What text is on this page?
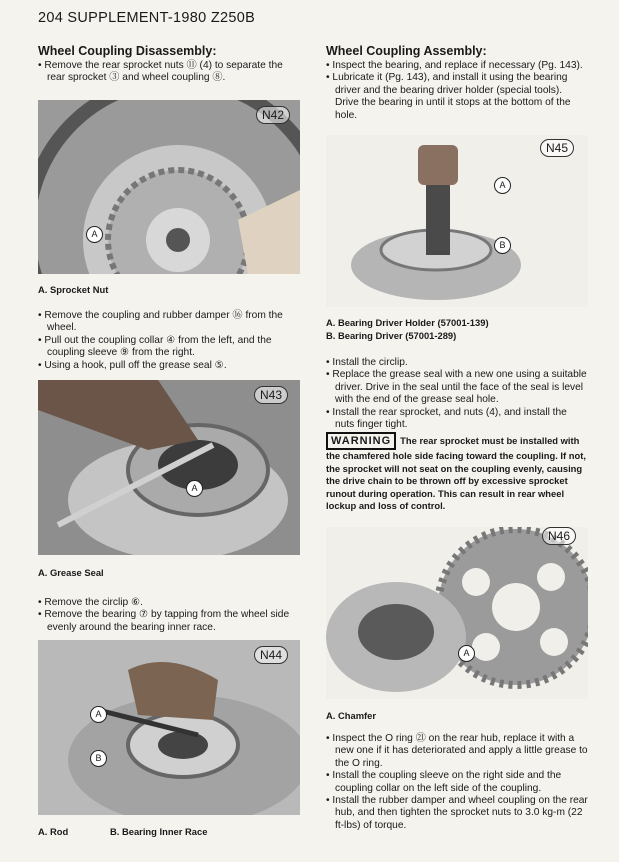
204 SUPPLEMENT-1980 Z250B
Wheel Coupling Disassembly:

• Remove the rear sprocket nuts ⑪ (4) to separate the rear sprocket ③ and wheel coupling ⑧.

N42
A
A. Sprocket Nut

• Remove the coupling and rubber damper ⑯ from the wheel.

• Pull out the coupling collar ④ from the left, and the coupling sleeve ⑨ from the right.

• Using a hook, pull off the grease seal ⑤.

N43
A
A. Grease Seal

• Remove the circlip ⑥.

• Remove the bearing ⑦ by tapping from the wheel side evenly around the bearing inner race.

N44
A
B
A. Rod	B. Bearing Inner Race
Wheel Coupling Assembly:

• Inspect the bearing, and replace if necessary (Pg. 143).

• Lubricate it (Pg. 143), and install it using the bearing driver and the bearing driver holder (special tools). Drive the bearing in until it stops at the bottom of the hole.

N45
A
B
A. Bearing Driver Holder (57001-139)
B. Bearing Driver (57001-289)

• Install the circlip.

• Replace the grease seal with a new one using a suitable driver. Drive in the seal until the face of the seal is level with the end of the grease seal hole.

• Install the rear sprocket, and nuts (4), and install the nuts finger tight.

WARNING The rear sprocket must be installed with the chamfered hole side facing toward the coupling. If not, the sprocket will not seat on the coupling evenly, causing the drive chain to be thrown off by excessive sprocket runout during operation. This can result in rear wheel lockup and loss of control.
N46
A
A. Chamfer

• Inspect the O ring ㉑ on the rear hub, replace it with a new one if it has deteriorated and apply a little grease to the O ring.

• Install the coupling sleeve on the right side and the coupling collar on the left side of the coupling.

• Install the rubber damper and wheel coupling on the rear hub, and then tighten the sprocket nuts to 3.0 kg-m (22 ft-lbs) of torque.
